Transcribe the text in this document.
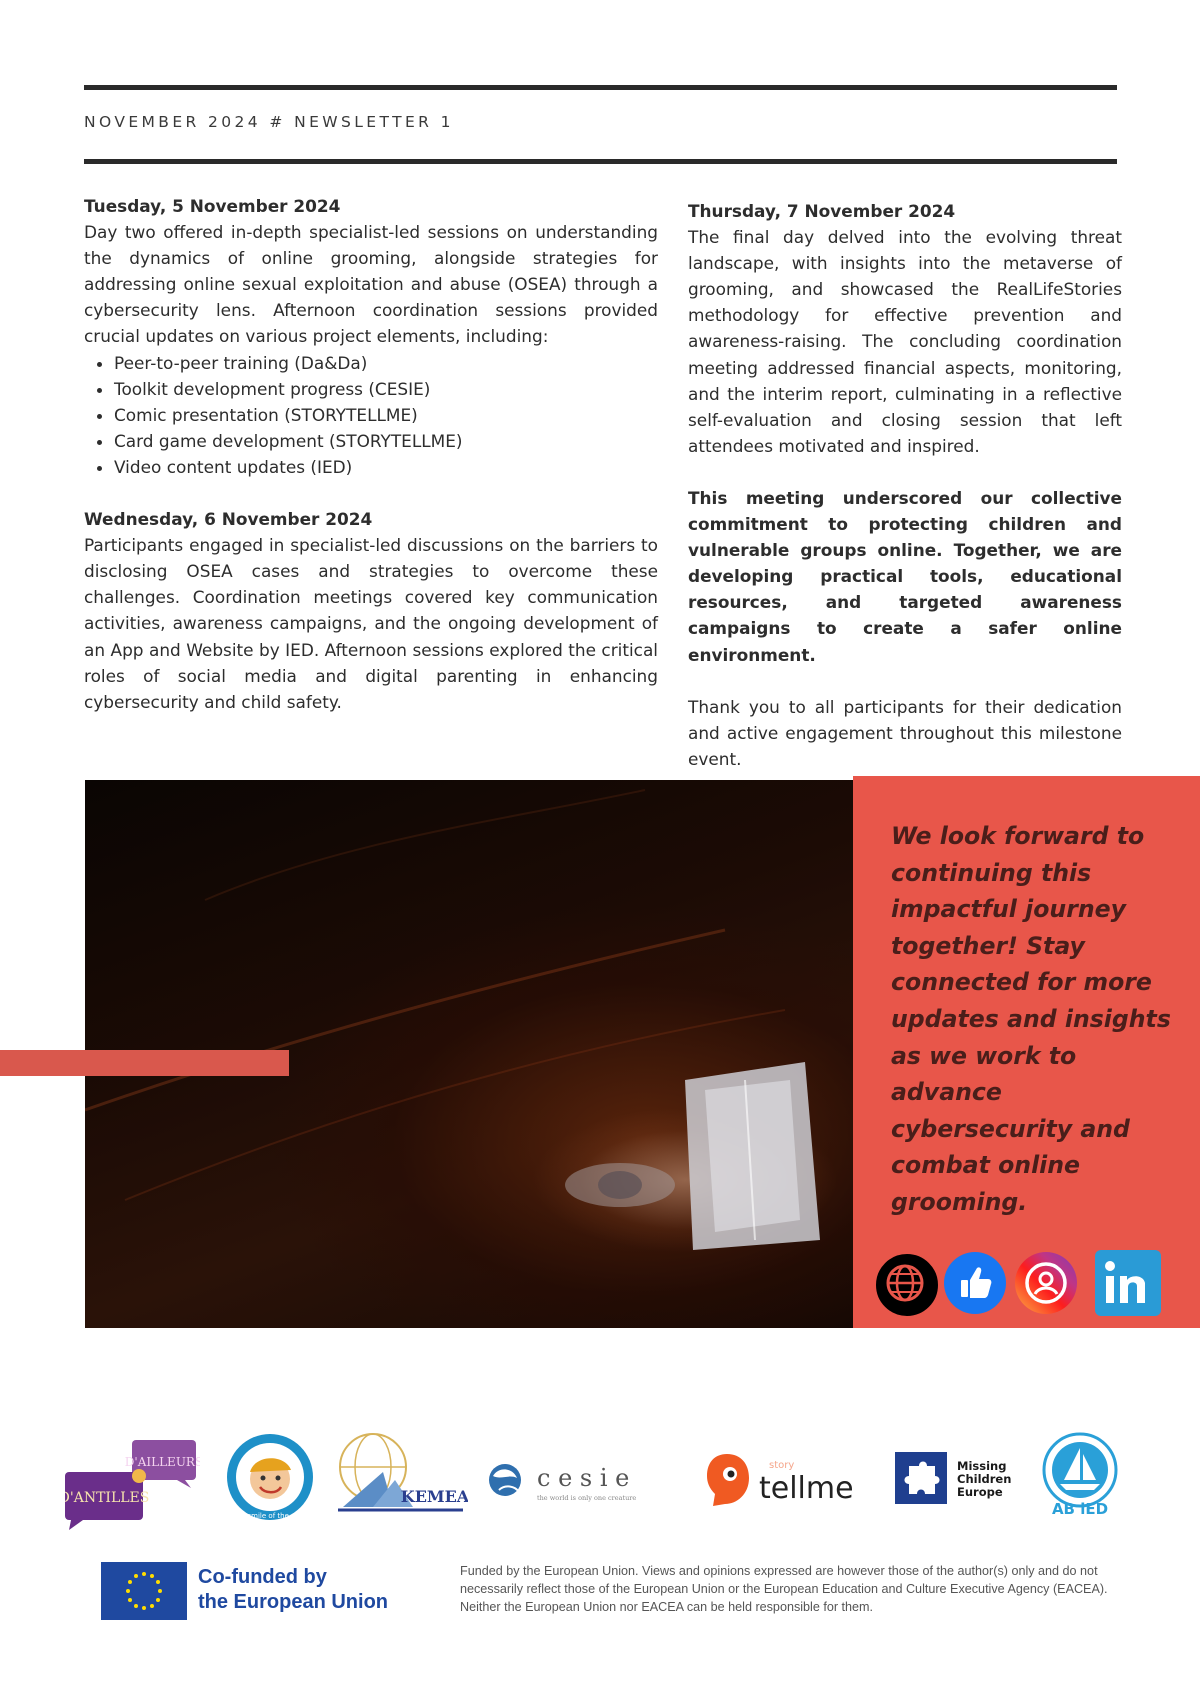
NOVEMBER 2024 # NEWSLETTER 1
Tuesday, 5 November 2024

Day two offered in-depth specialist-led sessions on understanding the dynamics of online grooming, alongside strategies for addressing online sexual exploitation and abuse (OSEA) through a cybersecurity lens. Afternoon coordination sessions provided crucial updates on various project elements, including:

• Peer-to-peer training (Da&Da)
• Toolkit development progress (CESIE)
• Comic presentation (STORYTELLME)
• Card game development (STORYTELLME)
• Video content updates (IED)
Wednesday, 6 November 2024

Participants engaged in specialist-led discussions on the barriers to disclosing OSEA cases and strategies to overcome these challenges. Coordination meetings covered key communication activities, awareness campaigns, and the ongoing development of an App and Website by IED. Afternoon sessions explored the critical roles of social media and digital parenting in enhancing cybersecurity and child safety.

Thursday, 7 November 2024

The final day delved into the evolving threat landscape, with insights into the metaverse of grooming, and showcased the RealLifeStories methodology for effective prevention and awareness-raising. The concluding coordination meeting addressed financial aspects, monitoring, and the interim report, culminating in a reflective self-evaluation and closing session that left attendees motivated and inspired.

This meeting underscored our collective commitment to protecting children and vulnerable groups online. Together, we are developing practical tools, educational resources, and targeted awareness campaigns to create a safer online environment.

Thank you to all participants for their dedication and active engagement throughout this milestone event.

We look forward to continuing this impactful journey together! Stay connected for more updates and insights as we work to advance cybersecurity and combat online grooming.
D'AILLEURS
D'ANTILLES
The smile of the child
KEMEA
c e s i e
the world is only one creature
story
tellme
Missing
Children
Europe
AB iED
Co-funded by
the European Union
Funded by the European Union. Views and opinions expressed are however those of the author(s) only and do not necessarily reflect those of the European Union or the European Education and Culture Executive Agency (EACEA). Neither the European Union nor EACEA can be held responsible for them.
